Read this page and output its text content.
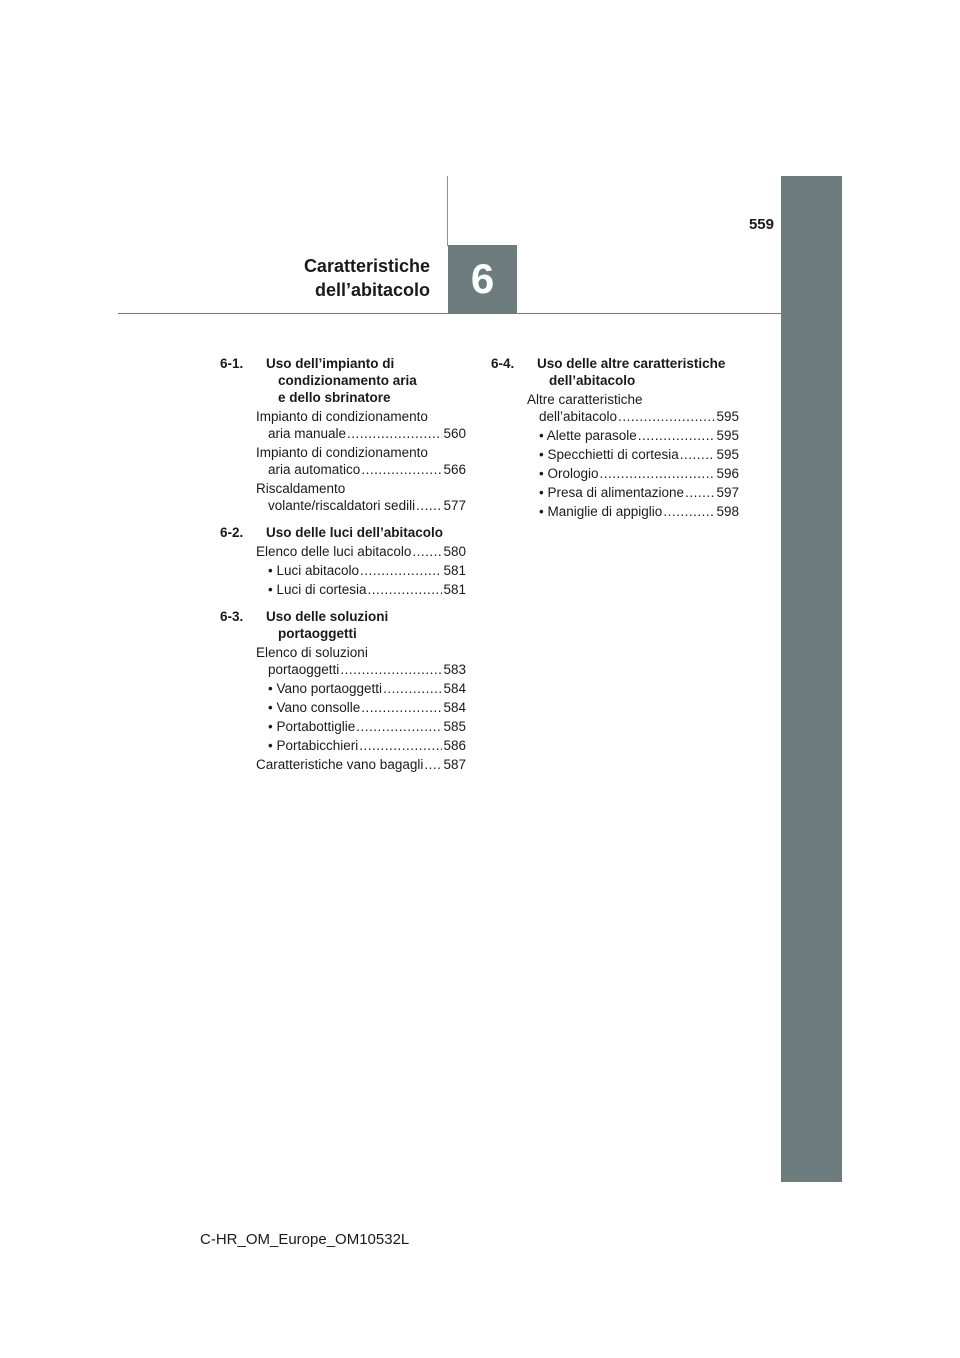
6
559
Caratteristiche
dell’abitacolo
6-1. Uso dell’impianto di
condizionamento aria
e dello sbrinatore
Impianto di condizionamento
aria manuale .....	560
Impianto di condizionamento
aria automatico .....	566
Riscaldamento
volante/riscaldatori sedili ..... 577
6-2. Uso delle luci dell’abitacolo
Elenco delle luci abitacolo ..... 580
• Luci abitacolo .....	581
• Luci di cortesia .....	581
6-3. Uso delle soluzioni
portaoggetti
Elenco di soluzioni
portaoggetti .....	583
• Vano portaoggetti .....	584
• Vano consolle .....	584
• Portabottiglie .....	585
• Portabicchieri .....	586
Caratteristiche vano bagagli ..... 587
6-4. Uso delle altre caratteristiche
dell’abitacolo
Altre caratteristiche
dell’abitacolo .....	595
• Alette parasole .....	595
• Specchietti di cortesia .....	595
• Orologio .....	596
• Presa di alimentazione ..... 597
• Maniglie di appiglio .....	598
C-HR_OM_Europe_OM10532L
